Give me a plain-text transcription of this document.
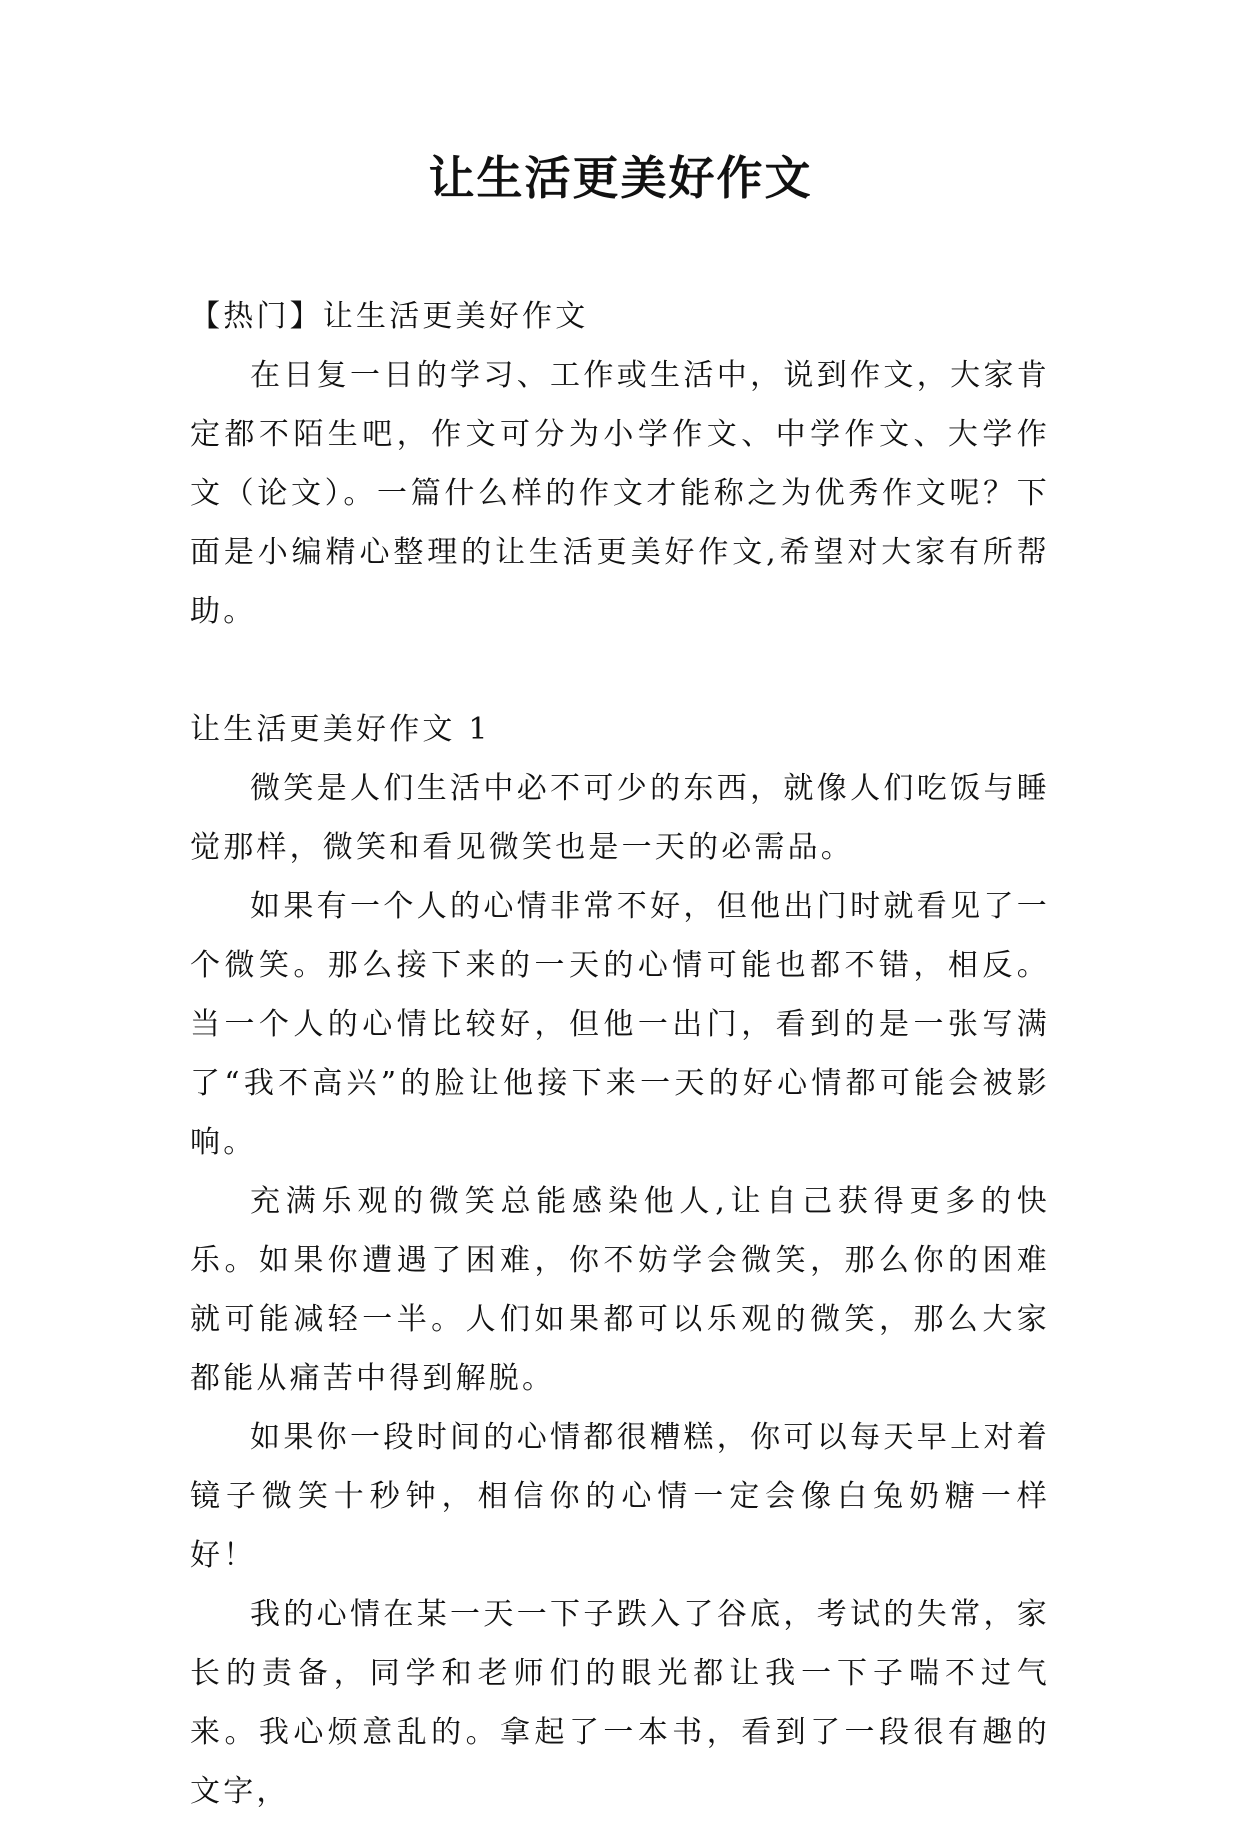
让生活更美好作文

【热门】让生活更美好作文

在日复一日的学习、工作或生活中，说到作文，大家肯定都不陌生吧，作文可分为小学作文、中学作文、大学作文（论文）。一篇什么样的作文才能称之为优秀作文呢？下面是小编精心整理的让生活更美好作文,希望对大家有所帮助。

让生活更美好作文 1

微笑是人们生活中必不可少的东西，就像人们吃饭与睡觉那样，微笑和看见微笑也是一天的必需品。

如果有一个人的心情非常不好，但他出门时就看见了一个微笑。那么接下来的一天的心情可能也都不错，相反。当一个人的心情比较好，但他一出门，看到的是一张写满了“我不高兴”的脸让他接下来一天的好心情都可能会被影响。

充满乐观的微笑总能感染他人,让自己获得更多的快乐。如果你遭遇了困难，你不妨学会微笑，那么你的困难就可能减轻一半。人们如果都可以乐观的微笑，那么大家都能从痛苦中得到解脱。

如果你一段时间的心情都很糟糕，你可以每天早上对着镜子微笑十秒钟，相信你的心情一定会像白兔奶糖一样好！

我的心情在某一天一下子跌入了谷底，考试的失常，家长的责备，同学和老师们的眼光都让我一下子喘不过气来。我心烦意乱的。拿起了一本书，看到了一段很有趣的文字，
